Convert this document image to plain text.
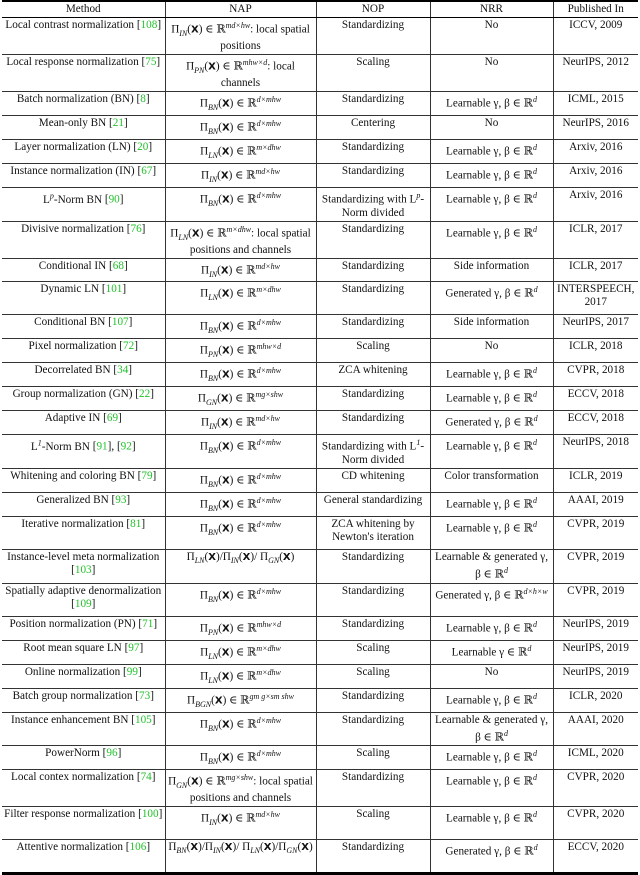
Method	NAP	NOP	NRR	Published In
Local contrast normalization [108]	$\Pi_{IN}(X)$ ∈ ℝ$^{md\times hw}$: local spatial positions	Standardizing	No	ICCV, 2009
Local response normalization [75]	$\Pi_{PN}(X)$ ∈ ℝ$^{mhw\times d}$: local channels	Scaling	No	NeurIPS, 2012
Batch normalization (BN) [8]	$\Pi_{BN}(X)$ ∈ ℝ$^{d\times mhw}$	Standardizing	Learnable γ, β ∈ ℝ$^d$	ICML, 2015
Mean-only BN [21]	$\Pi_{BN}(X)$ ∈ ℝ$^{d\times mhw}$	Centering	No	NeurIPS, 2016
Layer normalization (LN) [20]	$\Pi_{LN}(X)$ ∈ ℝ$^{m\times dhw}$	Standardizing	Learnable γ, β ∈ ℝ$^d$	Arxiv, 2016
Instance normalization (IN) [67]	$\Pi_{IN}(X)$ ∈ ℝ$^{md\times hw}$	Standardizing	Learnable γ, β ∈ ℝ$^d$	Arxiv, 2016
$L^p$-Norm BN [90]	$\Pi_{BN}(X)$ ∈ ℝ$^{d\times mhw}$	Standardizing with $L^p$-Norm divided	Learnable γ, β ∈ ℝ$^d$	Arxiv, 2016
Divisive normalization [76]	$\Pi_{LN}(X)$ ∈ ℝ$^{m\times dhw}$: local spatial positions and channels	Standardizing	Learnable γ, β ∈ ℝ$^d$	ICLR, 2017
Conditional IN [68]	$\Pi_{IN}(X)$ ∈ ℝ$^{md\times hw}$	Standardizing	Side information	ICLR, 2017
Dynamic LN [101]	$\Pi_{LN}(X)$ ∈ ℝ$^{m\times dhw}$	Standardizing	Generated γ, β ∈ ℝ$^d$	INTERSPEECH, 2017
Conditional BN [107]	$\Pi_{BN}(X)$ ∈ ℝ$^{d\times mhw}$	Standardizing	Side information	NeurIPS, 2017
Pixel normalization [72]	$\Pi_{PN}(X)$ ∈ ℝ$^{mhw\times d}$	Scaling	No	ICLR, 2018
Decorrelated BN [34]	$\Pi_{BN}(X)$ ∈ ℝ$^{d\times mhw}$	ZCA whitening	Learnable γ, β ∈ ℝ$^d$	CVPR, 2018
Group normalization (GN) [22]	$\Pi_{GN}(X)$ ∈ ℝ$^{mg\times shw}$	Standardizing	Learnable γ, β ∈ ℝ$^d$	ECCV, 2018
Adaptive IN [69]	$\Pi_{IN}(X)$ ∈ ℝ$^{md\times hw}$	Standardizing	Generated γ, β ∈ ℝ$^d$	ECCV, 2018
$L^1$-Norm BN [91], [92]	$\Pi_{BN}(X)$ ∈ ℝ$^{d\times mhw}$	Standardizing with $L^1$-Norm divided	Learnable γ, β ∈ ℝ$^d$	NeurIPS, 2018
Whitening and coloring BN [79]	$\Pi_{BN}(X)$ ∈ ℝ$^{d\times mhw}$	CD whitening	Color transformation	ICLR, 2019
Generalized BN [93]	$\Pi_{BN}(X)$ ∈ ℝ$^{d\times mhw}$	General standardizing	Learnable γ, β ∈ ℝ$^d$	AAAI, 2019
Iterative normalization [81]	$\Pi_{BN}(X)$ ∈ ℝ$^{d\times mhw}$	ZCA whitening by Newton's iteration	Learnable γ, β ∈ ℝ$^d$	CVPR, 2019
Instance-level meta normalization [103]	$\Pi_{LN}(X)/\Pi_{IN}(X)/$ $\Pi_{GN}(X)$	Standardizing	Learnable & generated γ, β ∈ ℝ$^d$	CVPR, 2019
Spatially adaptive denormalization [109]	$\Pi_{BN}(X)$ ∈ ℝ$^{d\times mhw}$	Standardizing	Generated γ, β ∈ ℝ$^{d\times h\times w}$	CVPR, 2019
Position normalization (PN) [71]	$\Pi_{PN}(X)$ ∈ ℝ$^{mhw\times d}$	Standardizing	Learnable γ, β ∈ ℝ$^d$	NeurIPS, 2019
Root mean square LN [97]	$\Pi_{LN}(X)$ ∈ ℝ$^{m\times dhw}$	Scaling	Learnable γ ∈ ℝ$^d$	NeurIPS, 2019
Online normalization [99]	$\Pi_{LN}(X)$ ∈ ℝ$^{m\times dhw}$	Scaling	No	NeurIPS, 2019
Batch group normalization [73]	$\Pi_{BGN}(X)$ ∈ ℝ$^{gm g\times sm shw}$	Standardizing	Learnable γ, β ∈ ℝ$^d$	ICLR, 2020
Instance enhancement BN [105]	$\Pi_{BN}(X)$ ∈ ℝ$^{d\times mhw}$	Standardizing	Learnable & generated γ, β ∈ ℝ$^d$	AAAI, 2020
PowerNorm [96]	$\Pi_{BN}(X)$ ∈ ℝ$^{d\times mhw}$	Scaling	Learnable γ, β ∈ ℝ$^d$	ICML, 2020
Local contex normalization [74]	$\Pi_{GN}(X)$ ∈ ℝ$^{mg\times shw}$: local spatial positions and channels	Standardizing	Learnable γ, β ∈ ℝ$^d$	CVPR, 2020
Filter response normalization [100]	$\Pi_{IN}(X)$ ∈ ℝ$^{md\times hw}$	Scaling	Learnable γ, β ∈ ℝ$^d$	CVPR, 2020
Attentive normalization [106]	$\Pi_{BN}(X)/\Pi_{IN}(X)/$ $\Pi_{LN}(X)/\Pi_{GN}(X)$	Standardizing	Generated γ, β ∈ ℝ$^d$	ECCV, 2020
